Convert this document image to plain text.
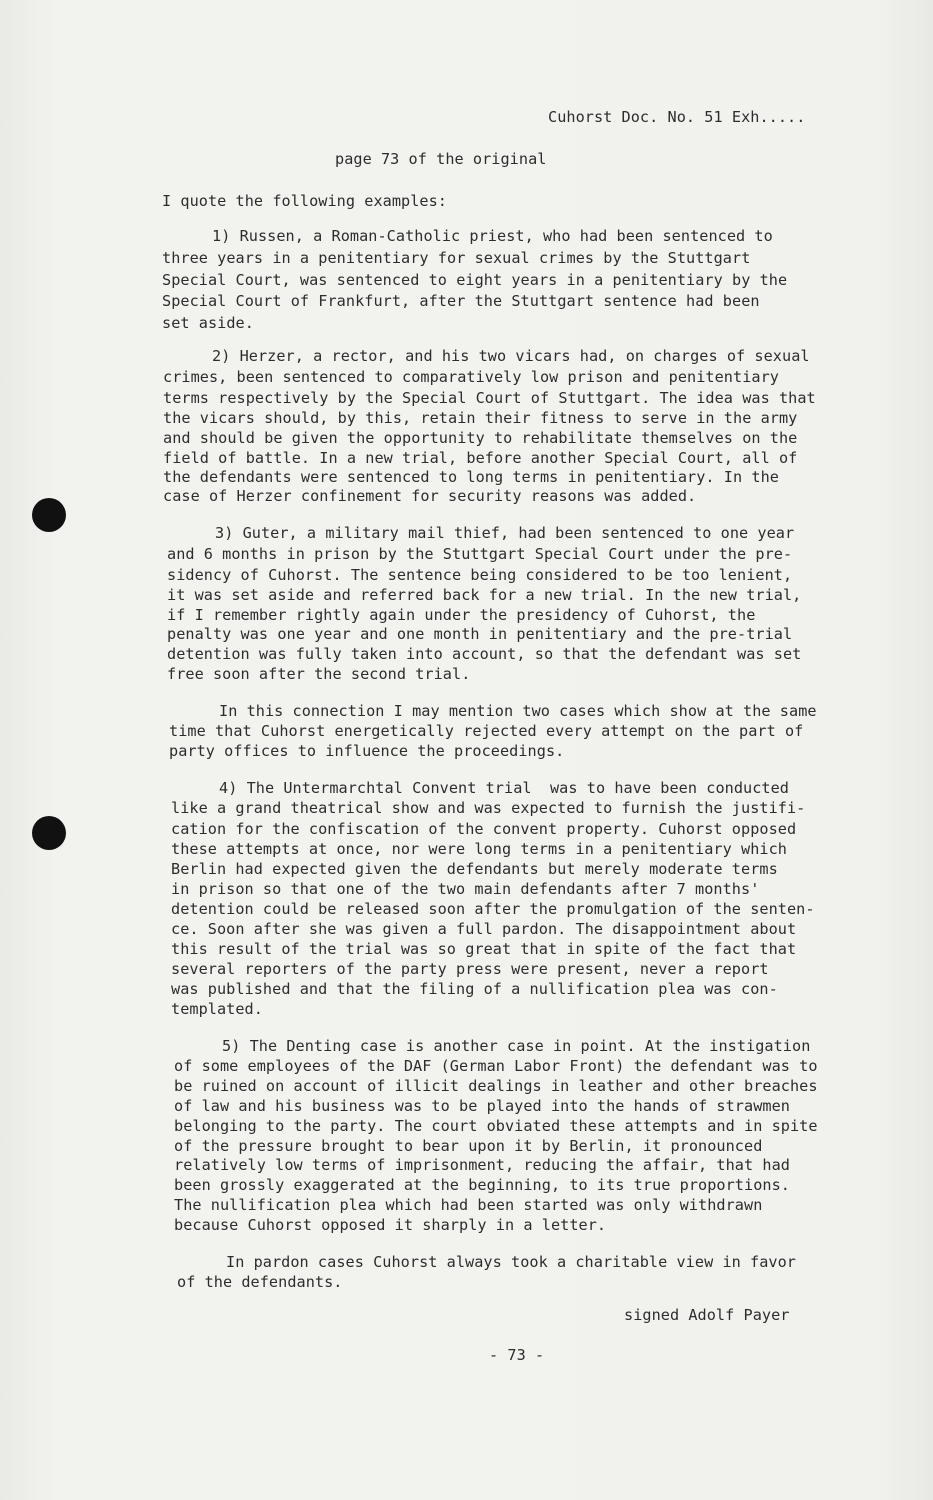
Cuhorst Doc. No. 51 Exh.....
page 73 of the original
I quote the following examples:
1) Russen, a Roman-Catholic priest, who had been sentenced to
three years in a penitentiary for sexual crimes by the Stuttgart
Special Court, was sentenced to eight years in a penitentiary by the
Special Court of Frankfurt, after the Stuttgart sentence had been
set aside.
2) Herzer, a rector, and his two vicars had, on charges of sexual
crimes, been sentenced to comparatively low prison and penitentiary
terms respectively by the Special Court of Stuttgart. The idea was that
the vicars should, by this, retain their fitness to serve in the army
and should be given the opportunity to rehabilitate themselves on the
field of battle. In a new trial, before another Special Court, all of
the defendants were sentenced to long terms in penitentiary. In the
case of Herzer confinement for security reasons was added.
3) Guter, a military mail thief, had been sentenced to one year
and 6 months in prison by the Stuttgart Special Court under the pre-
sidency of Cuhorst. The sentence being considered to be too lenient,
it was set aside and referred back for a new trial. In the new trial,
if I remember rightly again under the presidency of Cuhorst, the
penalty was one year and one month in penitentiary and the pre-trial
detention was fully taken into account, so that the defendant was set
free soon after the second trial.
In this connection I may mention two cases which show at the same
time that Cuhorst energetically rejected every attempt on the part of
party offices to influence the proceedings.
4) The Untermarchtal Convent trial  was to have been conducted
like a grand theatrical show and was expected to furnish the justifi-
cation for the confiscation of the convent property. Cuhorst opposed
these attempts at once, nor were long terms in a penitentiary which
Berlin had expected given the defendants but merely moderate terms
in prison so that one of the two main defendants after 7 months'
detention could be released soon after the promulgation of the senten-
ce. Soon after she was given a full pardon. The disappointment about
this result of the trial was so great that in spite of the fact that
several reporters of the party press were present, never a report
was published and that the filing of a nullification plea was con-
templated.
5) The Denting case is another case in point. At the instigation
of some employees of the DAF (German Labor Front) the defendant was to
be ruined on account of illicit dealings in leather and other breaches
of law and his business was to be played into the hands of strawmen
belonging to the party. The court obviated these attempts and in spite
of the pressure brought to bear upon it by Berlin, it pronounced
relatively low terms of imprisonment, reducing the affair, that had
been grossly exaggerated at the beginning, to its true proportions.
The nullification plea which had been started was only withdrawn
because Cuhorst opposed it sharply in a letter.
In pardon cases Cuhorst always took a charitable view in favor
of the defendants.
signed Adolf Payer
- 73 -
